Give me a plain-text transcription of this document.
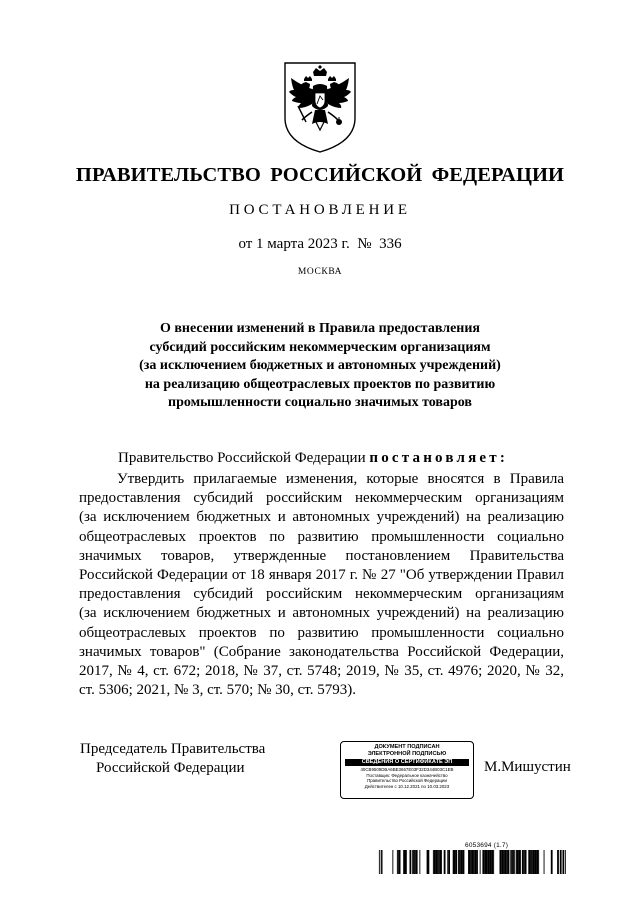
ПРАВИТЕЛЬСТВО РОССИЙСКОЙ ФЕДЕРАЦИИ
ПОСТАНОВЛЕНИЕ
от 1 марта 2023 г.  №  336
МОСКВА
О внесении изменений в Правила предоставления
субсидий российским некоммерческим организациям
(за исключением бюджетных и автономных учреждений)
на реализацию общеотраслевых проектов по развитию
промышленности социально значимых товаров
Правительство Российской Федерации постановляет:
Утвердить прилагаемые изменения, которые вносятся в Правила
предоставления субсидий российским некоммерческим организациям
(за исключением бюджетных и автономных учреждений) на реализацию
общеотраслевых проектов по развитию промышленности социально
значимых товаров, утвержденные постановлением Правительства
Российской Федерации от 18 января 2017 г. № 27 "Об утверждении Правил
предоставления субсидий российским некоммерческим организациям
(за исключением бюджетных и автономных учреждений) на реализацию
общеотраслевых проектов по развитию промышленности социально
значимых товаров" (Собрание законодательства Российской Федерации,
2017, № 4, ст. 672; 2018, № 37, ст. 5748; 2019, № 35, ст. 4976; 2020, № 32,
ст. 5306; 2021, № 3, ст. 570; № 30, ст. 5793).
Председатель Правительства
Российской Федерации
ДОКУМЕНТ ПОДПИСАН
ЭЛЕКТРОННОЙ ПОДПИСЬЮ
СВЕДЕНИЯ О СЕРТИФИКАТЕ ЭП
40CB9509DBA6BE3667E03F32D344B03C1EB
Поставщик: Федеральное казначейство
Правительство Российской Федерации
Действителен с 10.12.2021 по 10.03.2023
М.Мишустин
6053694 (1.7)
